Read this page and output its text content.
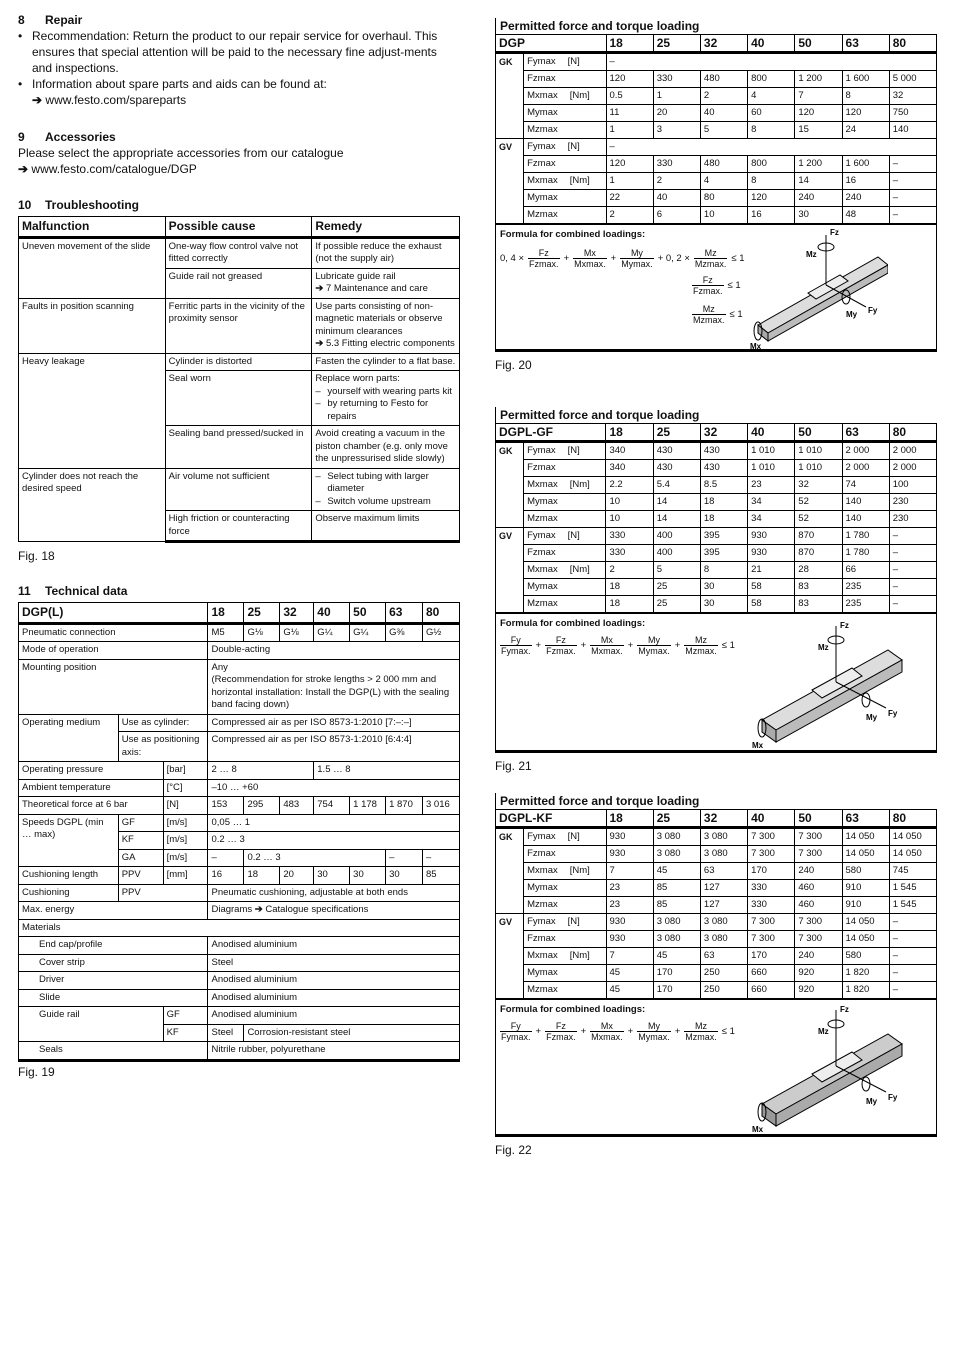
8 Repair

• Recommendation: Return the product to our repair service for overhaul. This ensures that special attention will be paid to the necessary fine adjust-ments and inspections.
• Information about spare parts and aids can be found at:
➔ www.festo.com/spareparts

9 Accessories

Please select the appropriate accessories from our catalogue

➔ www.festo.com/catalogue/DGP

10 Troubleshooting

Malfunction	Possible cause	Remedy
Uneven movement of the slide	One-way flow control valve not fitted correctly	If possible reduce the exhaust (not the supply air)
	Guide rail not greased	Lubricate guide rail
➔ 7 Maintenance and care
Faults in position scanning	Ferritic parts in the vicinity of the proximity sensor	Use parts consisting of non-magnetic materials or observe minimum clearances
➔ 5.3 Fitting electric components
Heavy leakage	Cylinder is distorted	Fasten the cylinder to a flat base.
	Seal worn	Replace worn parts:
– yourself with wearing parts kit
– by returning to Festo for repairs

	Sealing band pressed/sucked in	Avoid creating a vacuum in the piston chamber (e.g. only move the unpressurised slide slowly)
Cylinder does not reach the desired speed	Air volume not sufficient	– Select tubing with larger diameter
– Switch volume upstream

	High friction or counteracting force	Observe maximum limits

Fig. 18

11 Technical data

DGP(L)			18	25	32	40	50	63	80
Pneumatic connection			M5	G⅛	G⅛	G¼	G¼	G⅜	G½
Mode of operation			Double-acting						
Mounting position			Any
(Recommendation for stroke lengths > 2 000 mm and horizontal installation: Install the DGP(L) with the sealing band facing down)						
Operating medium	Use as cylinder:		Compressed air as per ISO 8573-1:2010 [7:–:–]						
	Use as positioning axis:		Compressed air as per ISO 8573-1:2010 [6:4:4]						
Operating pressure		[bar]	2 … 8			1.5 … 8			
Ambient temperature		[°C]	–10 … +60						
Theoretical force at 6 bar		[N]	153	295	483	754	1 178	1 870	3 016
Speeds DGPL (min … max)	GF	[m/s]	0,05 … 1						
	KF	[m/s]	0.2 … 3						
	GA	[m/s]	–	0.2 … 3				–	–
Cushioning length	PPV	[mm]	16	18	20	30	30	30	85
Cushioning	PPV		Pneumatic cushioning, adjustable at both ends						
Max. energy			Diagrams ➔ Catalogue specifications						
Materials									
End cap/profile			Anodised aluminium						
Cover strip			Steel						
Driver			Anodised aluminium						
Slide			Anodised aluminium						
Guide rail		GF	Anodised aluminium						
		KF	Steel	Corrosion-resistant steel					
Seals			Nitrile rubber, polyurethane						

Fig. 19

Permitted force and torque loading
DGP		18	25	32	40	50	63	80
GK	Fymax [N]	–						
	Fzmax	120	330	480	800	1 200	1 600	5 000
	Mxmax [Nm]	0.5	1	2	4	7	8	32
	Mymax	11	20	40	60	120	120	750
	Mzmax	1	3	5	8	15	24	140
GV	Fymax [N]	–						
	Fzmax	120	330	480	800	1 200	1 600	–
	Mxmax [Nm]	1	2	4	8	14	16	–
	Mymax	22	40	80	120	240	240	–
	Mzmax	2	6	10	16	30	48	–
Formula for combined loadings:
0, $4 \times \frac{Fz}{Fzmax.} + \frac{Mx}{Mxmax.} + \frac{My}{Mymax.} + 0$, $2 \times \frac{Mz}{Mzmax.} \le 1$
$\frac{Fz}{Fzmax.} \le 1$
$\frac{Mz}{Mzmax.} \le 1$
Fz
Mz
Fy
My
Mx

Fig. 20

Permitted force and torque loading
DGPL-GF		18	25	32	40	50	63	80
GK	Fymax [N]	340	430	430	1 010	1 010	2 000	2 000
	Fzmax	340	430	430	1 010	1 010	2 000	2 000
	Mxmax [Nm]	2.2	5.4	8.5	23	32	74	100
	Mymax	10	14	18	34	52	140	230
	Mzmax	10	14	18	34	52	140	230
GV	Fymax [N]	330	400	395	930	870	1 780	–
	Fzmax	330	400	395	930	870	1 780	–
	Mxmax [Nm]	2	5	8	21	28	66	–
	Mymax	18	25	30	58	83	235	–
	Mzmax	18	25	30	58	83	235	–
Formula for combined loadings:
$\frac{Fy}{Fymax.} + \frac{Fz}{Fzmax.} + \frac{Mx}{Mxmax.} + \frac{My}{Mymax.} + \frac{Mz}{Mzmax.} \le 1$
Fz
Mz
Fy
My
Mx

Fig. 21

Permitted force and torque loading
DGPL-KF		18	25	32	40	50	63	80
GK	Fymax [N]	930	3 080	3 080	7 300	7 300	14 050	14 050
	Fzmax	930	3 080	3 080	7 300	7 300	14 050	14 050
	Mxmax [Nm]	7	45	63	170	240	580	745
	Mymax	23	85	127	330	460	910	1 545
	Mzmax	23	85	127	330	460	910	1 545
GV	Fymax [N]	930	3 080	3 080	7 300	7 300	14 050	–
	Fzmax	930	3 080	3 080	7 300	7 300	14 050	–
	Mxmax [Nm]	7	45	63	170	240	580	–
	Mymax	45	170	250	660	920	1 820	–
	Mzmax	45	170	250	660	920	1 820	–
Formula for combined loadings:
$\frac{Fy}{Fymax.} + \frac{Fz}{Fzmax.} + \frac{Mx}{Mxmax.} + \frac{My}{Mymax.} + \frac{Mz}{Mzmax.} \le 1$
Fz
Mz
Fy
My
Mx

Fig. 22
